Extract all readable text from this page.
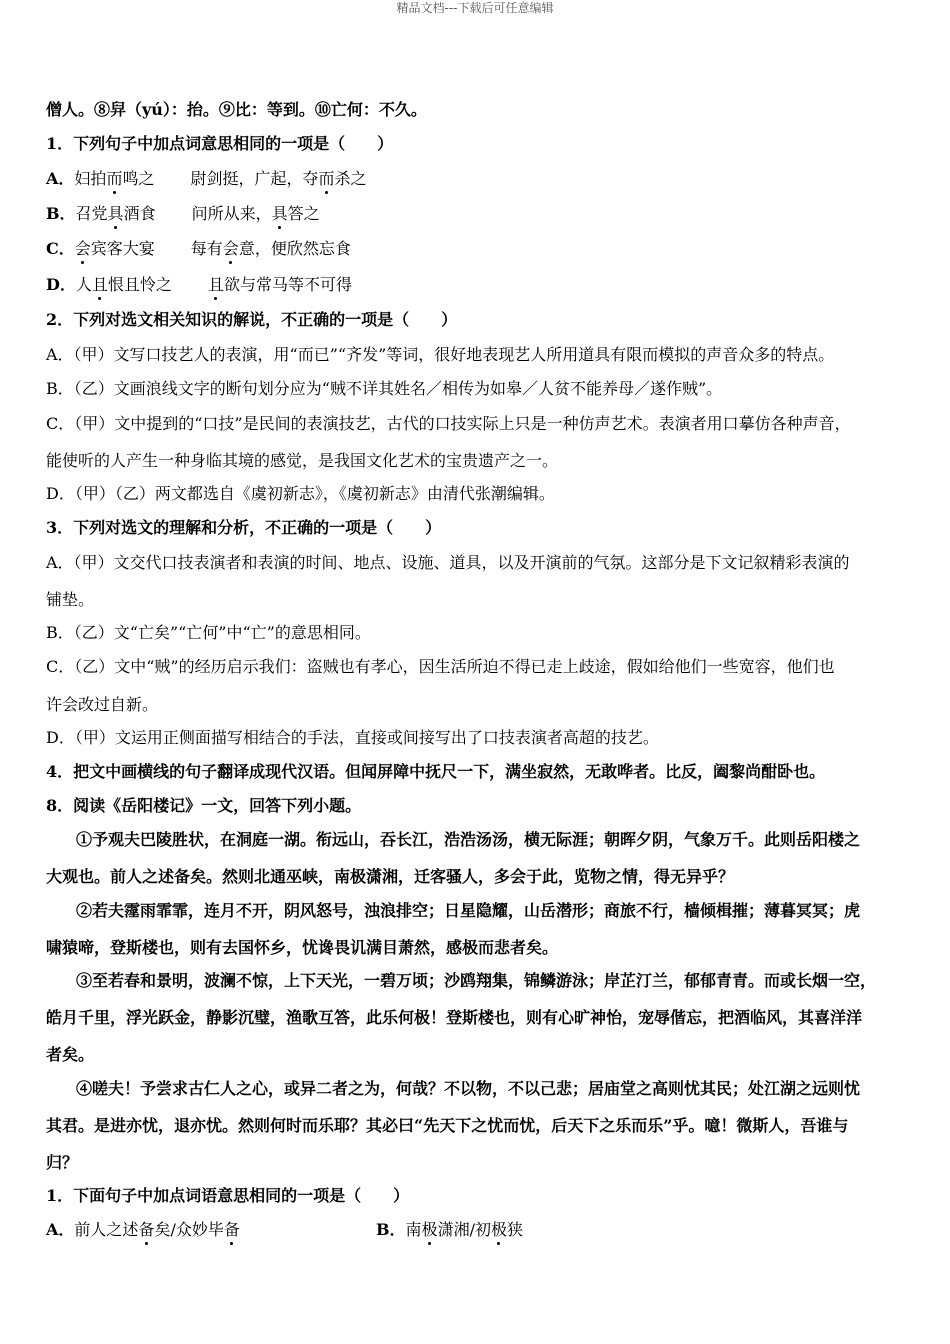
精品文档---下载后可任意编辑
僧人。⑧舁（yú）：抬。⑨比：等到。⑩亡何：不久。
1．下列句子中加点词意思相同的一项是（　　）
A．妇拍而鸣之 尉剑挺，广起，夺而杀之
B．召党具酒食 问所从来，具答之
C．会宾客大宴 每有会意，便欣然忘食
D．人且恨且怜之 且欲与常马等不可得
2．下列对选文相关知识的解说，不正确的一项是（　　）
A．（甲）文写口技艺人的表演，用“而已”“齐发”等词，很好地表现艺人所用道具有限而模拟的声音众多的特点。
B．（乙）文画浪线文字的断句划分应为“贼不详其姓名／相传为如皋／人贫不能养母／遂作贼”。
C．（甲）文中提到的“口技”是民间的表演技艺，古代的口技实际上只是一种仿声艺术。表演者用口摹仿各种声音，
能使听的人产生一种身临其境的感觉，是我国文化艺术的宝贵遗产之一。
D．（甲）（乙）两文都选自《虞初新志》，《虞初新志》由清代张潮编辑。
3．下列对选文的理解和分析，不正确的一项是（　　）
A．（甲）文交代口技表演者和表演的时间、地点、设施、道具，以及开演前的气氛。这部分是下文记叙精彩表演的
铺垫。
B．（乙）文“亡矣”“亡何”中“亡”的意思相同。
C．（乙）文中“贼”的经历启示我们：盗贼也有孝心，因生活所迫不得已走上歧途，假如给他们一些宽容，他们也
许会改过自新。
D．（甲）文运用正侧面描写相结合的手法，直接或间接写出了口技表演者高超的技艺。
4．把文中画横线的句子翻译成现代汉语。但闻屏障中抚尺一下，满坐寂然，无敢哗者。比反，阖黎尚酣卧也。
8．阅读《岳阳楼记》一文，回答下列小题。
①予观夫巴陵胜状，在洞庭一湖。衔远山，吞长江，浩浩汤汤，横无际涯；朝晖夕阴，气象万千。此则岳阳楼之
大观也。前人之述备矣。然则北通巫峡，南极潇湘，迁客骚人，多会于此，览物之情，得无异乎？
②若夫霪雨霏霏，连月不开，阴风怒号，浊浪排空；日星隐耀，山岳潜形；商旅不行，樯倾楫摧；薄暮冥冥；虎
啸猿啼，登斯楼也，则有去国怀乡，忧谗畏讥满目萧然，感极而悲者矣。
③至若春和景明，波澜不惊，上下天光，一碧万顷；沙鸥翔集，锦鳞游泳；岸芷汀兰，郁郁青青。而或长烟一空，
皓月千里，浮光跃金，静影沉璧，渔歌互答，此乐何极！登斯楼也，则有心旷神怡，宠辱偕忘，把酒临风，其喜洋洋
者矣。
④嗟夫！予尝求古仁人之心，或异二者之为，何哉？不以物，不以己悲；居庙堂之高则忧其民；处江湖之远则忧
其君。是进亦忧，退亦忧。然则何时而乐耶？其必曰“先天下之忧而忧，后天下之乐而乐”乎。噫！微斯人，吾谁与
归？
1．下面句子中加点词语意思相同的一项是（　　）
A．前人之述备矣/众妙毕备	B．南极潇湘/初极狭
